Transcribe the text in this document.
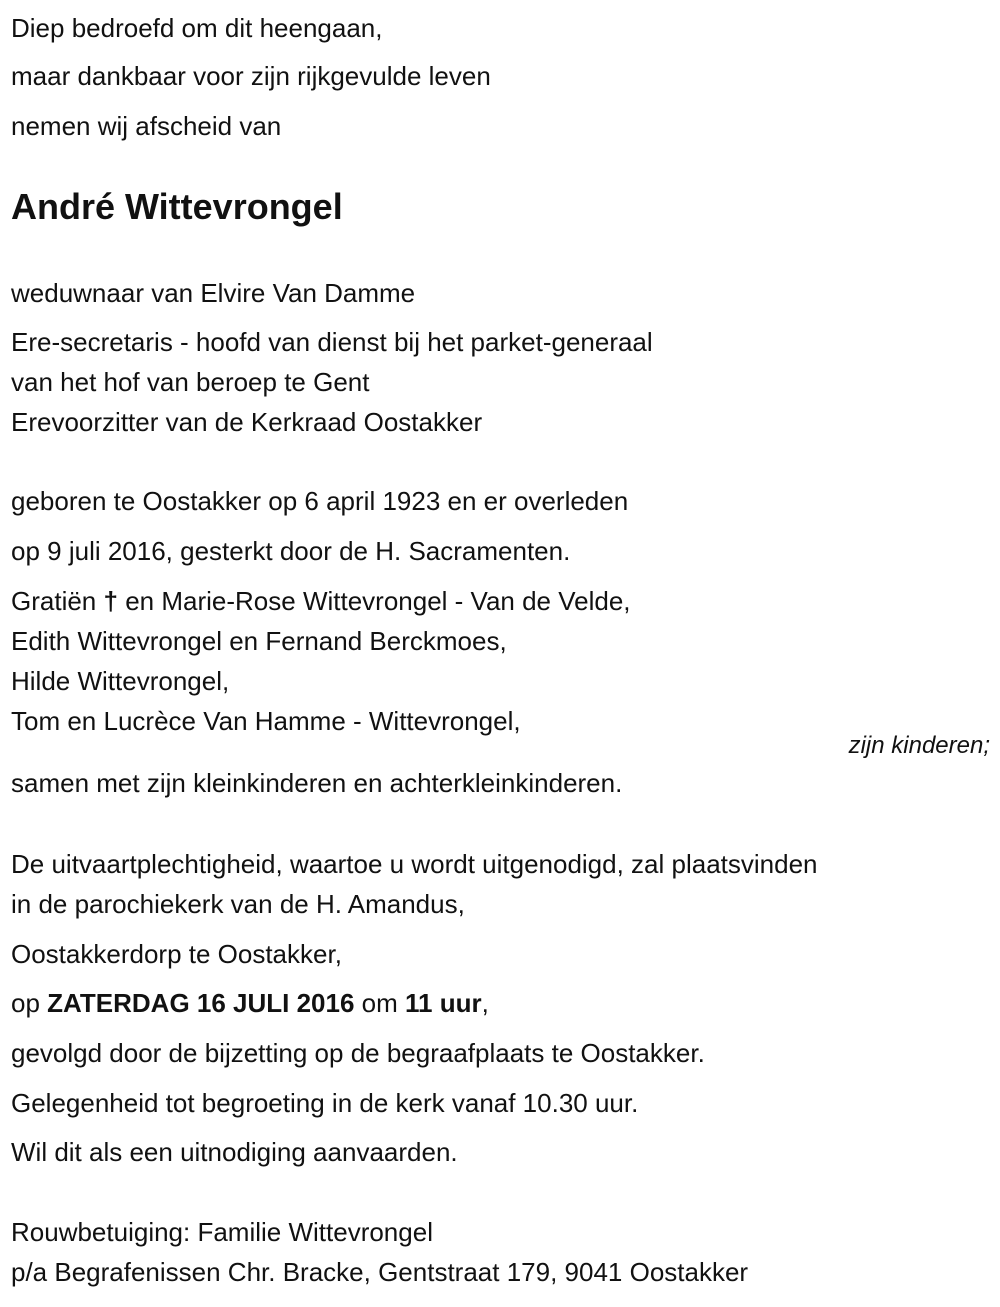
Diep bedroefd om dit heengaan,
maar dankbaar voor zijn rijkgevulde leven
nemen wij afscheid van
André Wittevrongel
weduwnaar van Elvire Van Damme
Ere-secretaris - hoofd van dienst bij het parket-generaal
van het hof van beroep te Gent
Erevoorzitter van de Kerkraad Oostakker
geboren te Oostakker op 6 april 1923 en er overleden
op 9 juli 2016, gesterkt door de H. Sacramenten.
Gratiën † en Marie-Rose Wittevrongel - Van de Velde,
Edith Wittevrongel en Fernand Berckmoes,
Hilde Wittevrongel,
Tom en Lucrèce Van Hamme - Wittevrongel,
zijn kinderen;
samen met zijn kleinkinderen en achterkleinkinderen.
De uitvaartplechtigheid, waartoe u wordt uitgenodigd, zal plaatsvinden
in de parochiekerk van de H. Amandus,
Oostakkerdorp te Oostakker,
op ZATERDAG 16 JULI 2016 om 11 uur,
gevolgd door de bijzetting op de begraafplaats te Oostakker.
Gelegenheid tot begroeting in de kerk vanaf 10.30 uur.
Wil dit als een uitnodiging aanvaarden.
Rouwbetuiging: Familie Wittevrongel
p/a Begrafenissen Chr. Bracke, Gentstraat 179, 9041 Oostakker
